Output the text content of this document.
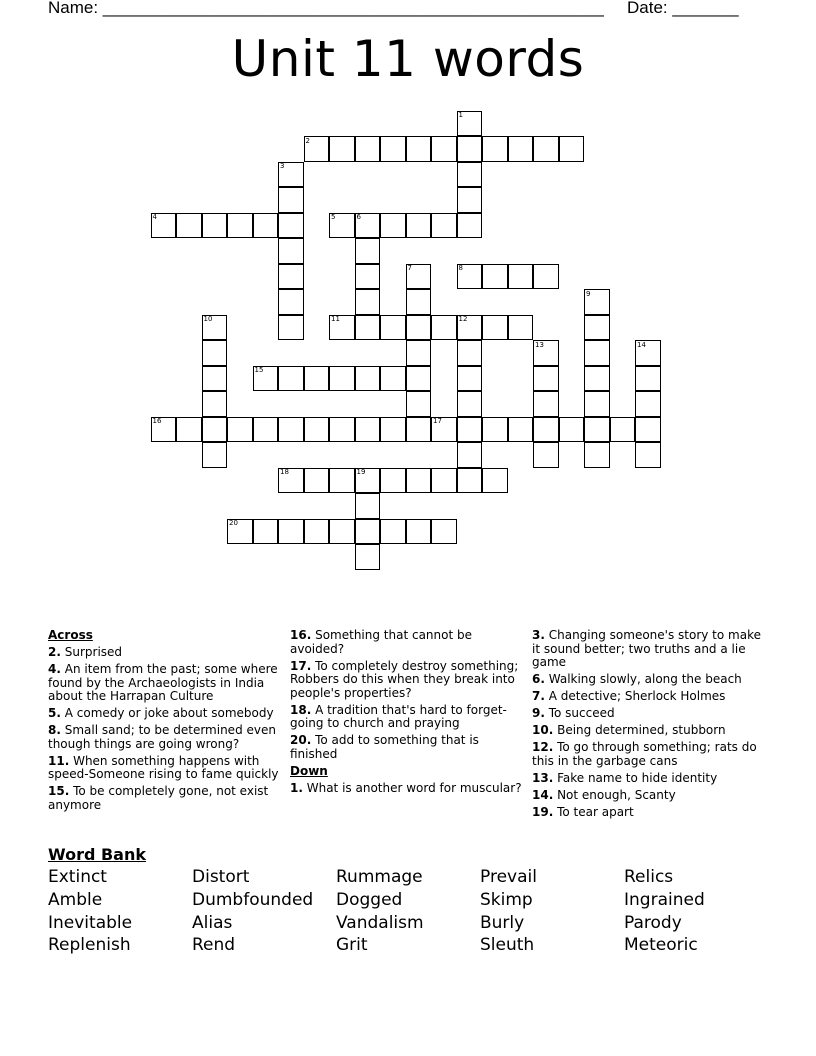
Name: _____________________________________________________ Date: _______
Unit 11 words
1
2
3
4	5	6
7	8
9
10	11	12
13	14
15
16	17
18	19
20
Across
2. Surprised
4. An item from the past; some where found by the Archaeologists in India about the Harrapan Culture
5. A comedy or joke about somebody
8. Small sand; to be determined even though things are going wrong?
11. When something happens with speed-Someone rising to fame quickly
15. To be completely gone, not exist anymore
16. Something that cannot be avoided?
17. To completely destroy something; Robbers do this when they break into people's properties?
18. A tradition that's hard to forget-going to church and praying
20. To add to something that is finished
Down
1. What is another word for muscular?
3. Changing someone's story to make it sound better; two truths and a lie game
6. Walking slowly, along the beach
7. A detective; Sherlock Holmes
9. To succeed
10. Being determined, stubborn
12. To go through something; rats do this in the garbage cans
13. Fake name to hide identity
14. Not enough, Scanty
19. To tear apart
Word Bank
Extinct	Distort	Rummage	Prevail	Relics
Amble	Dumbfounded	Dogged	Skimp	Ingrained
Inevitable	Alias	Vandalism	Burly	Parody
Replenish	Rend	Grit	Sleuth	Meteoric
